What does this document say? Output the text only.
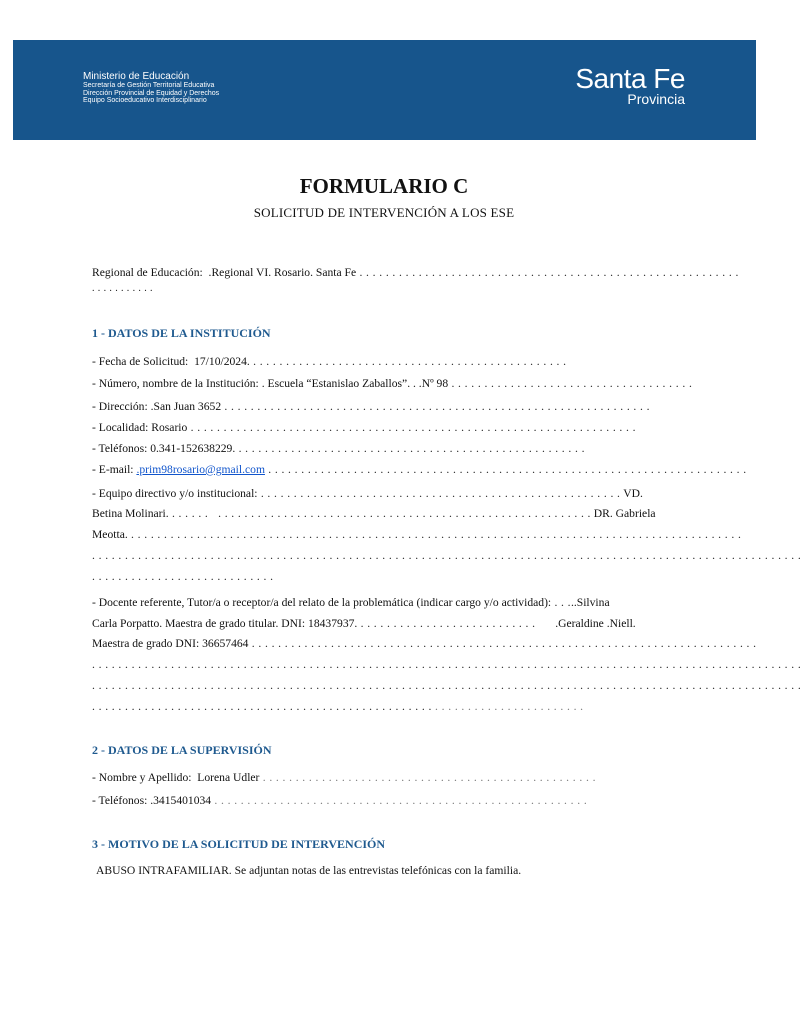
Ministerio de Educación
Secretaría de Gestión Territorial Educativa
Dirección Provincial de Equidad y Derechos
Equipo Socioeducativo Interdisciplinario
Santa Fe
Provincia
FORMULARIO C
SOLICITUD DE INTERVENCIÓN A LOS ESE
Regional de Educación: .Regional VI. Rosario. Santa Fe . . . . . . . . . . . . . . . . . . . . . . . . . . . . . . . . . . . . . . . . . . . . . . . . . . . . . . . . . .
. . . . . . . . . . .
1 - DATOS DE LA INSTITUCIÓN
- Fecha de Solicitud: 17/10/2024. . . . . . . . . . . . . . . . . . . . . . . . . . . . . . . . . . . . . . . . . . . . . . . . .
- Número, nombre de la Institución: . Escuela “Estanislao Zaballos”. . .Nº 98 . . . . . . . . . . . . . . . . . . . . . . . . . . . . . . . . . . . . .
- Dirección: .San Juan 3652 . . . . . . . . . . . . . . . . . . . . . . . . . . . . . . . . . . . . . . . . . . . . . . . . . . . . . . . . . . . . . . . . .
- Localidad: Rosario . . . . . . . . . . . . . . . . . . . . . . . . . . . . . . . . . . . . . . . . . . . . . . . . . . . . . . . . . . . . . . . . . . . .
- Teléfonos: 0.341-152638229. . . . . . . . . . . . . . . . . . . . . . . . . . . . . . . . . . . . . . . . . . . . . . . . . . . . . .
- E-mail: .prim98rosario@gmail.com . . . . . . . . . . . . . . . . . . . . . . . . . . . . . . . . . . . . . . . . . . . . . . . . . . . . . . . . . . . . . . . . . . . . . . . . .
- Equipo directivo y/o institucional: . . . . . . . . . . . . . . . . . . . . . . . . . . . . . . . . . . . . . . . . . . . . . . . . . . . . . . . VD.
Betina Molinari. . . . . . .   . . . . . . . . . . . . . . . . . . . . . . . . . . . . . . . . . . . . . . . . . . . . . . . . . . . . . . . . . DR. Gabriela
Meotta. . . . . . . . . . . . . . . . . . . . . . . . . . . . . . . . . . . . . . . . . . . . . . . . . . . . . . . . . . . . . . . . . . . . . . . . . . . . . . . . . . . . . . . . . . . . . .
. . . . . . . . . . . . . . . . . . . . . . . . . . . . . . . . . . . . . . . . . . . . . . . . . . . . . . . . . . . . . . . . . . . . . . . . . . . . . . . . . . . . . . . . . . . . . . . . . . . . . . . . . . . .
. . . . . . . . . . . . . . . . . . . . . . . . . . . .
- Docente referente, Tutor/a o receptor/a del relato de la problemática (indicar cargo y/o actividad): . . ...Silvina
Carla Porpatto. Maestra de grado titular. DNI: 18437937. . . . . . . . . . . . . . . . . . . . . . . . . . . .      .Geraldine .Niell.
Maestra de grado DNI: 36657464 . . . . . . . . . . . . . . . . . . . . . . . . . . . . . . . . . . . . . . . . . . . . . . . . . . . . . . . . . . . . . . . . . . . . . . . . . . . . .
. . . . . . . . . . . . . . . . . . . . . . . . . . . . . . . . . . . . . . . . . . . . . . . . . . . . . . . . . . . . . . . . . . . . . . . . . . . . . . . . . . . . . . . . . . . . . . . . . . . . . . . . . . . .
. . . . . . . . . . . . . . . . . . . . . . . . . . . . . . . . . . . . . . . . . . . . . . . . . . . . . . . . . . . . . . . . . . . . . . . . . . . . . . . . . . . . . . . . . . . . . . . . . . . . . . . . . . . .
. . . . . . . . . . . . . . . . . . . . . . . . . . . . . . . . . . . . . . . . . . . . . . . . . . . . . . . . . . . . . . . . . . . . . . . . . . .
2 - DATOS DE LA SUPERVISIÓN
- Nombre y Apellido: Lorena Udler . . . . . . . . . . . . . . . . . . . . . . . . . . . . . . . . . . . . . . . . . . . . . . . . . . .
- Teléfonos: .3415401034 . . . . . . . . . . . . . . . . . . . . . . . . . . . . . . . . . . . . . . . . . . . . . . . . . . . . . . . . .
3 - MOTIVO DE LA SOLICITUD DE INTERVENCIÓN
ABUSO INTRAFAMILIAR. Se adjuntan notas de las entrevistas telefónicas con la familia.
